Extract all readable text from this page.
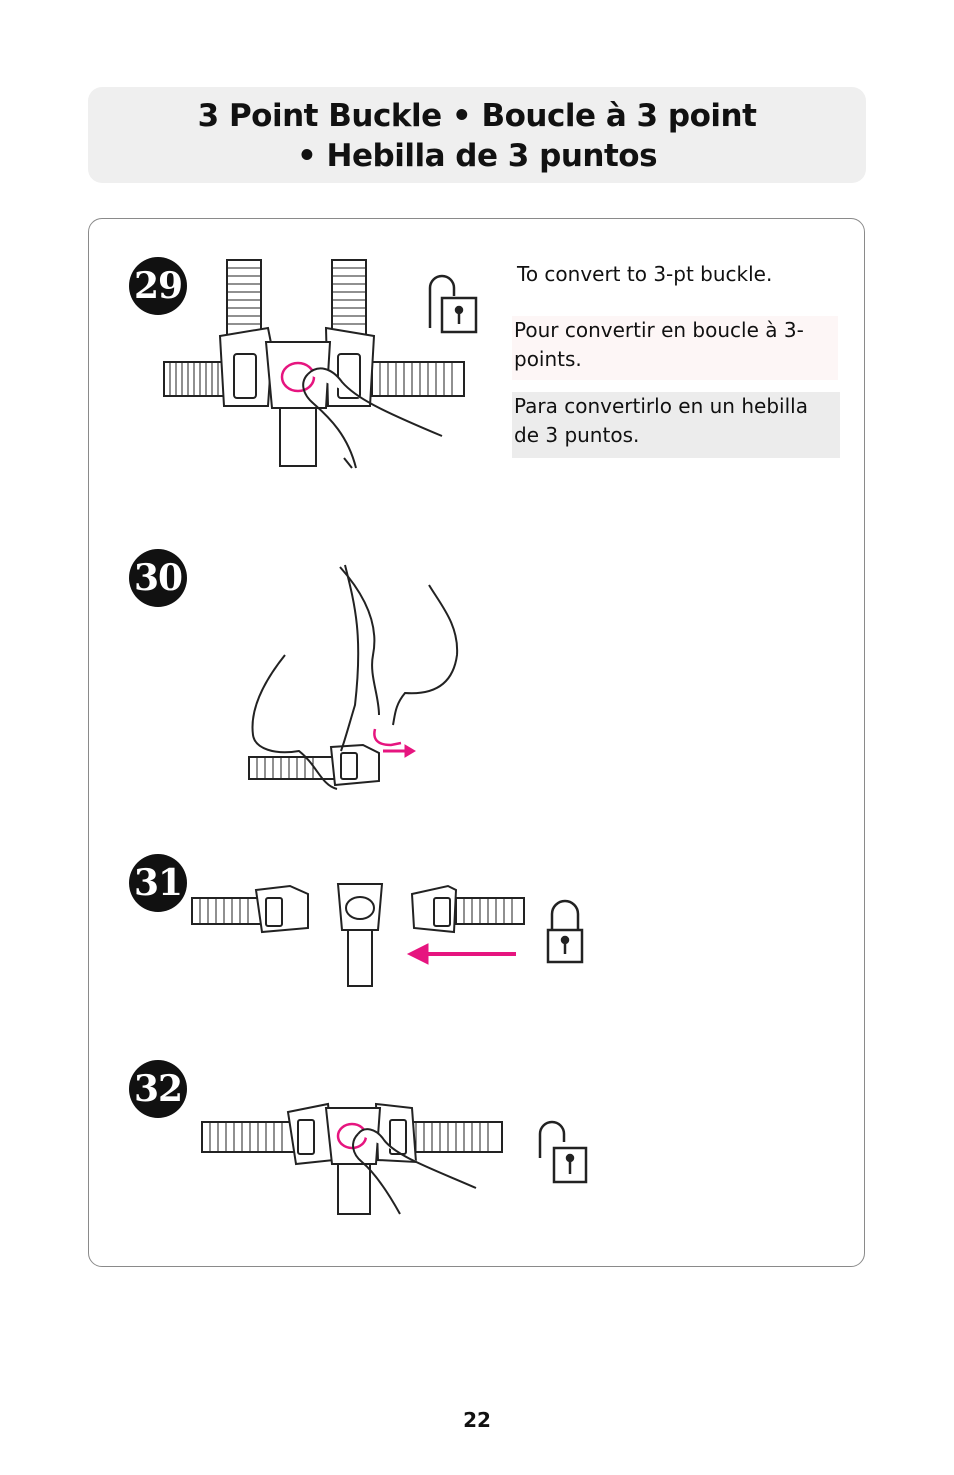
3 Point Buckle • Boucle à 3 point
• Hebilla de 3 puntos
29
30
31
32
To convert to 3-pt buckle.
Pour convertir en boucle à 3-points.
Para convertirlo en un hebilla de 3 puntos.
22
